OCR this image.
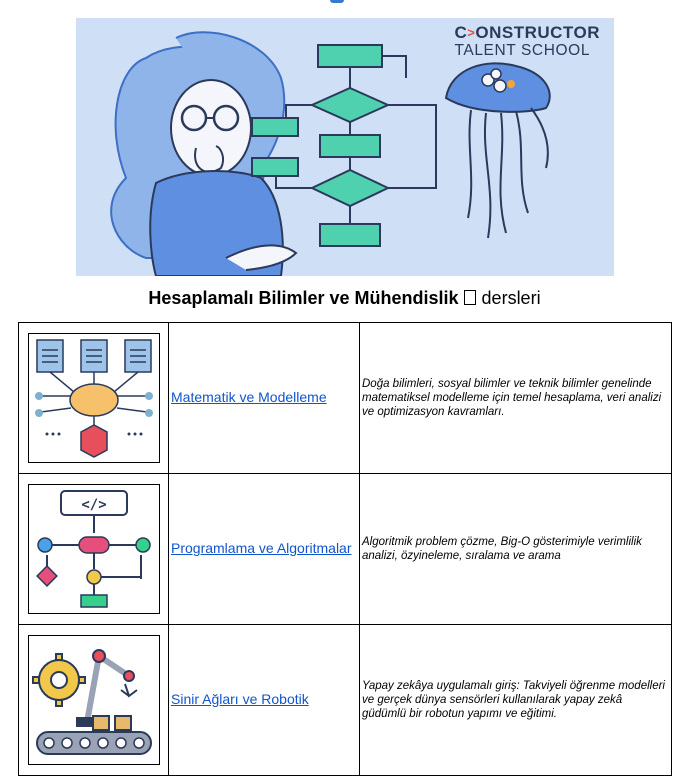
C>ONSTRUCTOR
TALENT SCHOOL
Hesaplamalı Bilimler ve Mühendislik dersleri
	Matematik ve Modelleme	Doğa bilimleri, sosyal bilimler ve teknik bilimler genelinde matematiksel modelleme için temel hesaplama, veri analizi ve optimizasyon kavramları.

</>	Programlama ve Algoritmalar	Algoritmik problem çözme, Big-O gösterimiyle verimlilik analizi, özyineleme, sıralama ve arama

	Sinir Ağları ve Robotik	Yapay zekâya uygulamalı giriş: Takviyeli öğrenme modelleri ve gerçek dünya sensörleri kullanılarak yapay zekâ güdümlü bir robotun yapımı ve eğitimi.
